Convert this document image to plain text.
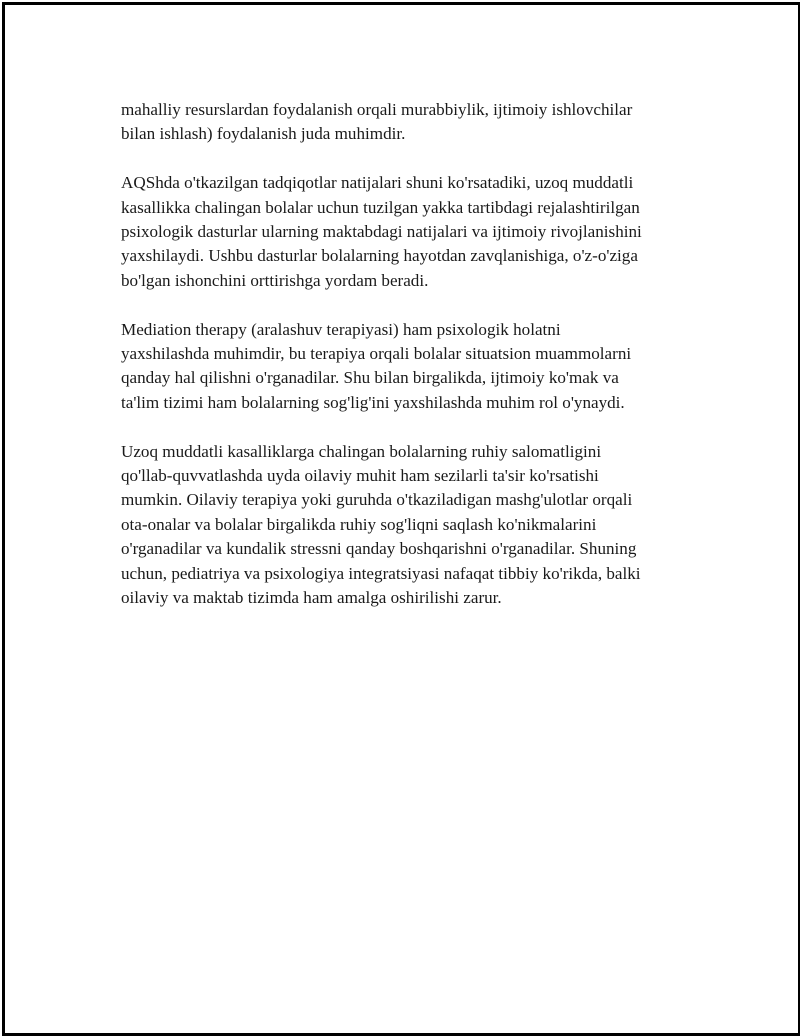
mahalliy resurslardan foydalanish orqali murabbiylik, ijtimoiy ishlovchilar
bilan ishlash) foydalanish juda muhimdir.

AQShda o'tkazilgan tadqiqotlar natijalari shuni ko'rsatadiki, uzoq muddatli
kasallikka chalingan bolalar uchun tuzilgan yakka tartibdagi rejalashtirilgan
psixologik dasturlar ularning maktabdagi natijalari va ijtimoiy rivojlanishini
yaxshilaydi. Ushbu dasturlar bolalarning hayotdan zavqlanishiga, o'z-o'ziga
bo'lgan ishonchini orttirishga yordam beradi.

Mediation therapy (aralashuv terapiyasi) ham psixologik holatni
yaxshilashda muhimdir, bu terapiya orqali bolalar situatsion muammolarni
qanday hal qilishni o'rganadilar. Shu bilan birgalikda, ijtimoiy ko'mak va
ta'lim tizimi ham bolalarning sog'lig'ini yaxshilashda muhim rol o'ynaydi.

Uzoq muddatli kasalliklarga chalingan bolalarning ruhiy salomatligini
qo'llab-quvvatlashda uyda oilaviy muhit ham sezilarli ta'sir ko'rsatishi
mumkin. Oilaviy terapiya yoki guruhda o'tkaziladigan mashg'ulotlar orqali
ota-onalar va bolalar birgalikda ruhiy sog'liqni saqlash ko'nikmalarini
o'rganadilar va kundalik stressni qanday boshqarishni o'rganadilar. Shuning
uchun, pediatriya va psixologiya integratsiyasi nafaqat tibbiy ko'rikda, balki
oilaviy va maktab tizimda ham amalga oshirilishi zarur.
